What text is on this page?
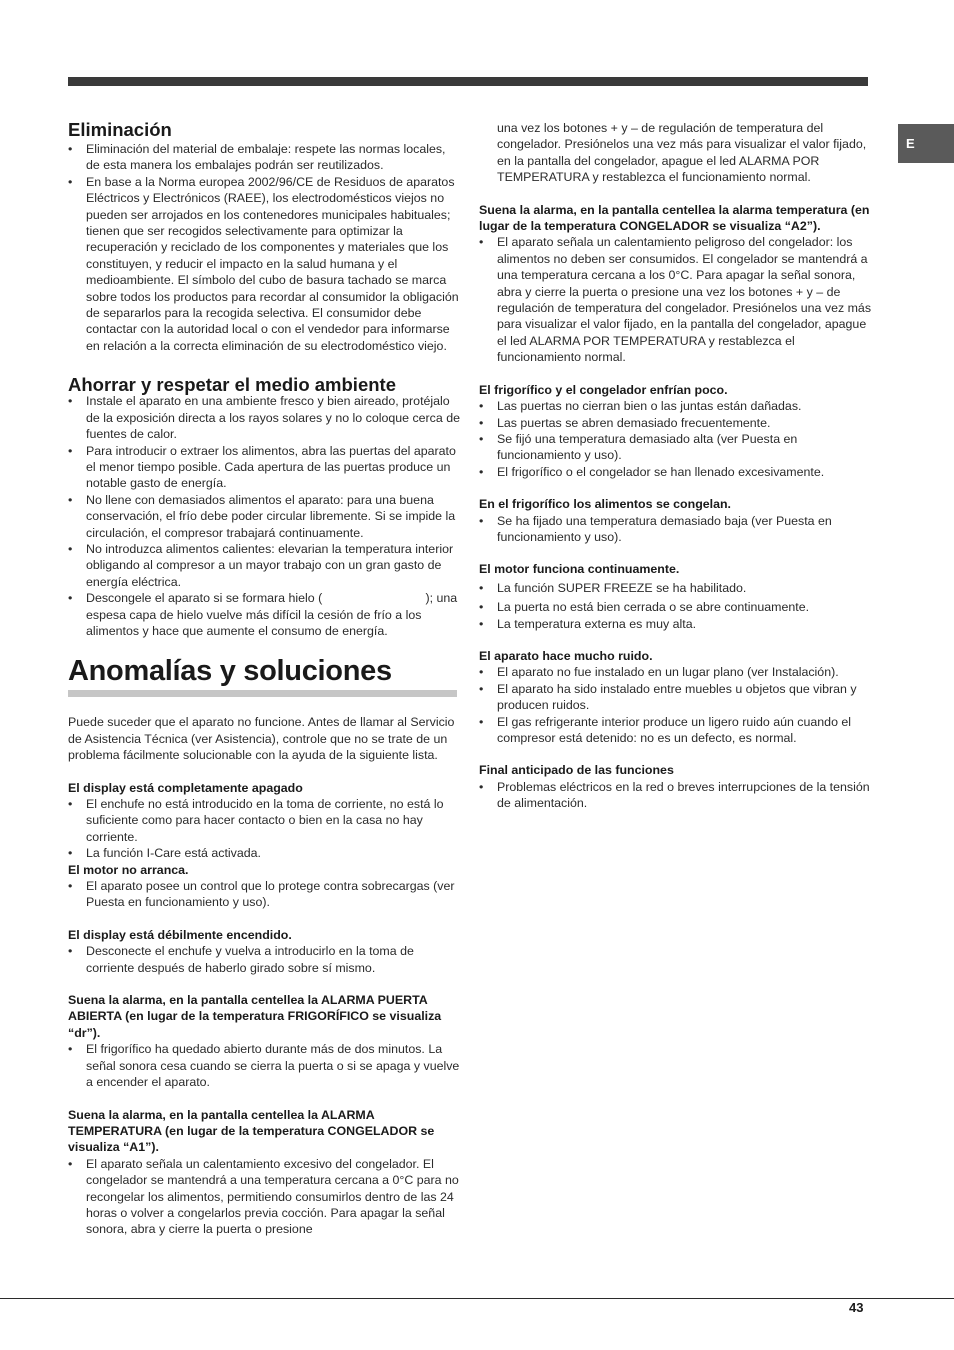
E
Eliminación
• Eliminación del material de embalaje: respete las normas locales, de esta manera los embalajes podrán ser reutilizados.
• En base a la Norma europea 2002/96/CE de Residuos de aparatos Eléctricos y Electrónicos (RAEE), los electrodomésticos viejos no pueden ser arrojados en los contenedores municipales habituales; tienen que ser recogidos selectivamente para optimizar la recuperación y reciclado de los componentes y materiales que los constituyen, y reducir el impacto en la salud humana y el medioambiente. El símbolo del cubo de basura tachado se marca sobre todos los productos para recordar al consumidor la obligación de separarlos para la recogida selectiva. El consumidor debe contactar con la autoridad local o con el vendedor para informarse en relación a la correcta eliminación de su electrodoméstico viejo.
Ahorrar y respetar el medio ambiente
• Instale el aparato en una ambiente fresco y bien aireado, protéjalo de la exposición directa a los rayos solares y no lo coloque cerca de fuentes de calor.
• Para introducir o extraer los alimentos, abra las puertas del aparato el menor tiempo posible. Cada apertura de las puertas produce un notable gasto de energía.
• No llene con demasiados alimentos el aparato: para una buena conservación, el frío debe poder circular libremente. Si se impide la circulación, el compresor trabajará continuamente.
• No introduzca alimentos calientes: elevarian la temperatura interior obligando al compresor a un mayor trabajo con un gran gasto de energía eléctrica.
• Descongele el aparato si se formara hielo (                              ); una espesa capa de hielo vuelve más difícil la cesión de frío a los alimentos y hace que aumente el consumo de energía.
Anomalías y soluciones

Puede suceder que el aparato no funcione. Antes de llamar al Servicio de Asistencia Técnica (ver Asistencia), controle que no se trate de un problema fácilmente solucionable con la ayuda de la siguiente lista.

El display está completamente apagado

• El enchufe no está introducido en la toma de corriente, no está lo suficiente como para hacer contacto o bien en la casa no hay corriente.
• La función I-Care está activada.

El motor no arranca.

• El aparato posee un control que lo protege contra sobrecargas (ver Puesta en funcionamiento y uso).

El display está débilmente encendido.

• Desconecte el enchufe y vuelva a introducirlo en la toma de corriente después de haberlo girado sobre sí mismo.

Suena la alarma, en la pantalla centellea la ALARMA PUERTA ABIERTA (en lugar de la temperatura FRIGORÍFICO se visualiza “dr”).

• El frigorífico ha quedado abierto durante más de dos minutos. La señal sonora cesa cuando se cierra la puerta o si se apaga y vuelve a encender el aparato.

Suena la alarma, en la pantalla centellea la ALARMA TEMPERATURA (en lugar de la temperatura CONGELADOR se visualiza “A1”).

• El aparato señala un calentamiento excesivo del congelador. El congelador se mantendrá a una temperatura cercana a 0°C para no recongelar los alimentos, permitiendo consumirlos dentro de las 24 horas o volver a congelarlos previa cocción. Para apagar la señal sonora, abra y cierre la puerta o presione

una vez los botones + y – de regulación de temperatura del congelador. Presiónelos una vez más para visualizar el valor fijado, en la pantalla del congelador, apague el led ALARMA POR TEMPERATURA y restablezca el funcionamiento normal.

Suena la alarma, en la pantalla centellea la alarma temperatura (en lugar de la temperatura CONGELADOR se visualiza “A2”).

• El aparato señala un calentamiento peligroso del congelador: los alimentos no deben ser consumidos. El congelador se mantendrá a una temperatura cercana a los 0°C. Para apagar la señal sonora, abra y cierre la puerta o presione una vez los botones + y – de regulación de temperatura del congelador. Presiónelos una vez más para visualizar el valor fijado, en la pantalla del congelador, apague el led ALARMA POR TEMPERATURA y restablezca el funcionamiento normal.

El frigorífico y el congelador enfrían poco.

• Las puertas no cierran bien o las juntas están dañadas.
• Las puertas se abren demasiado frecuentemente.
• Se fijó una temperatura demasiado alta (ver Puesta en funcionamiento y uso).
• El frigorífico o el congelador se han llenado excesivamente.

En el frigorífico los alimentos se congelan.

• Se ha fijado una temperatura demasiado baja (ver Puesta en funcionamiento y uso).

El motor funciona continuamente.

• La función SUPER FREEZE se ha habilitado.
• La puerta no está bien cerrada o se abre continuamente.
• La temperatura externa es muy alta.

El aparato hace mucho ruido.

• El aparato no fue instalado en un lugar plano (ver Instalación).
• El aparato ha sido instalado entre muebles u objetos que vibran y producen ruidos.
• El gas refrigerante interior produce un ligero ruido aún cuando el compresor está detenido: no es un defecto, es normal.

Final anticipado de las funciones

• Problemas eléctricos en la red o breves interrupciones de la tensión de alimentación.
43
